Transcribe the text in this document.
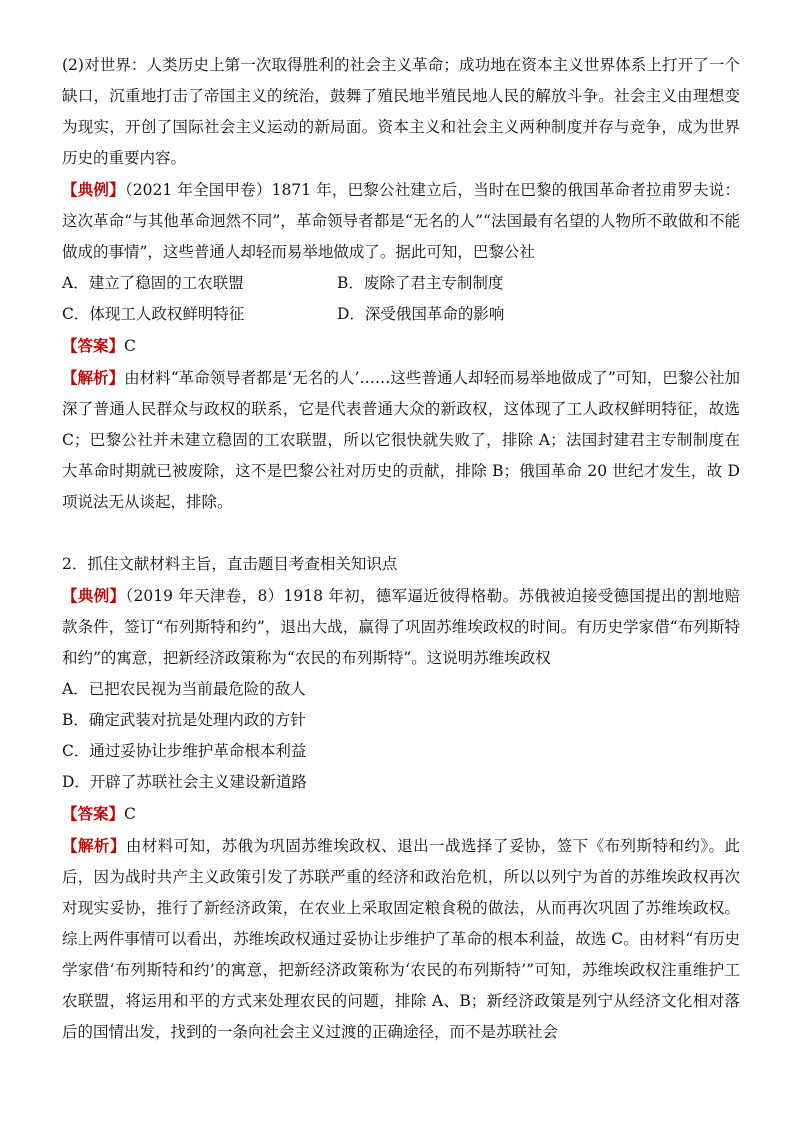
(2)对世界：人类历史上第一次取得胜利的社会主义革命；成功地在资本主义世界体系上打开了一个缺口，沉重地打击了帝国主义的统治，鼓舞了殖民地半殖民地人民的解放斗争。社会主义由理想变为现实，开创了国际社会主义运动的新局面。资本主义和社会主义两种制度并存与竞争，成为世界历史的重要内容。

【典例】（2021 年全国甲卷）1871 年，巴黎公社建立后，当时在巴黎的俄国革命者拉甫罗夫说：这次革命“与其他革命迥然不同”，革命领导者都是“无名的人”“法国最有名望的人物所不敢做和不能做成的事情”，这些普通人却轻而易举地做成了。据此可知，巴黎公社

A．建立了稳固的工农联盟	B．废除了君主专制制度
C．体现工人政权鲜明特征	D．深受俄国革命的影响

【答案】C

【解析】由材料“革命领导者都是‘无名的人’……这些普通人却轻而易举地做成了”可知，巴黎公社加深了普通人民群众与政权的联系，它是代表普通大众的新政权，这体现了工人政权鲜明特征，故选 C；巴黎公社并未建立稳固的工农联盟，所以它很快就失败了，排除 A；法国封建君主专制制度在大革命时期就已被废除，这不是巴黎公社对历史的贡献，排除 B；俄国革命 20 世纪才发生，故 D 项说法无从谈起，排除。

2．抓住文献材料主旨，直击题目考查相关知识点

【典例】（2019 年天津卷，8）1918 年初，德军逼近彼得格勒。苏俄被迫接受德国提出的割地赔款条件，签订“布列斯特和约”，退出大战，赢得了巩固苏维埃政权的时间。有历史学家借“布列斯特和约”的寓意，把新经济政策称为“农民的布列斯特”。这说明苏维埃政权

A．已把农民视为当前最危险的敌人
B．确定武装对抗是处理内政的方针
C．通过妥协让步维护革命根本利益
D．开辟了苏联社会主义建设新道路

【答案】C

【解析】由材料可知，苏俄为巩固苏维埃政权、退出一战选择了妥协，签下《布列斯特和约》。此后，因为战时共产主义政策引发了苏联严重的经济和政治危机，所以以列宁为首的苏维埃政权再次对现实妥协，推行了新经济政策，在农业上采取固定粮食税的做法，从而再次巩固了苏维埃政权。综上两件事情可以看出，苏维埃政权通过妥协让步维护了革命的根本利益，故选 C。由材料“有历史学家借‘布列斯特和约’的寓意，把新经济政策称为‘农民的布列斯特’”可知，苏维埃政权注重维护工农联盟，将运用和平的方式来处理农民的问题，排除 A、B；新经济政策是列宁从经济文化相对落后的国情出发，找到的一条向社会主义过渡的正确途径，而不是苏联社会
